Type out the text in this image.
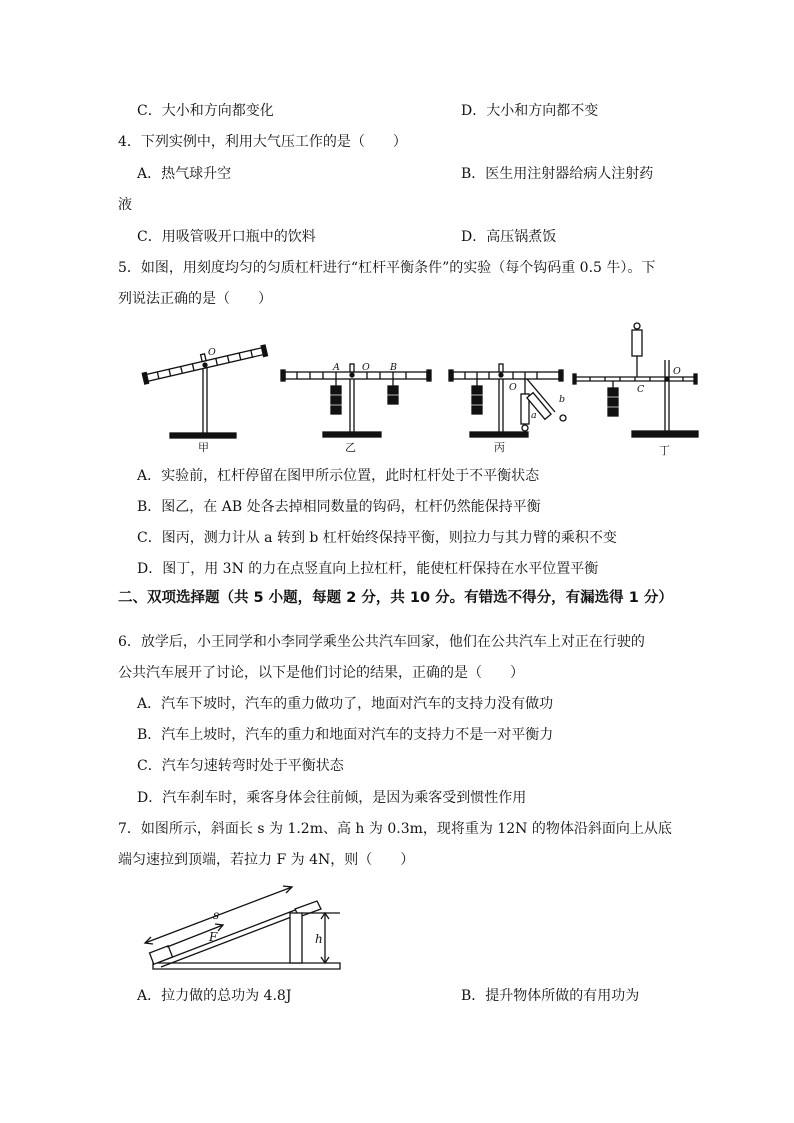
C．大小和方向都变化	D．大小和方向都不变
4．下列实例中，利用大气压工作的是（　　）
A．热气球升空	B．医生用注射器给病人注射药
液
C．用吸管吸开口瓶中的饮料	D．高压锅煮饭
5．如图，用刻度均匀的匀质杠杆进行“杠杆平衡条件”的实验（每个钩码重 0.5 牛）。下
列说法正确的是（　　）
O
A O B
O
a
b
C
O
甲	乙	丙	丁
A．实验前，杠杆停留在图甲所示位置，此时杠杆处于不平衡状态
B．图乙，在 AB 处各去掉相同数量的钩码，杠杆仍然能保持平衡
C．图丙，测力计从 a 转到 b 杠杆始终保持平衡，则拉力与其力臂的乘积不变
D．图丁，用 3N 的力在点竖直向上拉杠杆，能使杠杆保持在水平位置平衡
二、双项选择题（共 5 小题，每题 2 分，共 10 分。有错选不得分，有漏选得 1 分）
6．放学后，小王同学和小李同学乘坐公共汽车回家，他们在公共汽车上对正在行驶的
公共汽车展开了讨论，以下是他们讨论的结果，正确的是（　　）
A．汽车下坡时，汽车的重力做功了，地面对汽车的支持力没有做功
B．汽车上坡时，汽车的重力和地面对汽车的支持力不是一对平衡力
C．汽车匀速转弯时处于平衡状态
D．汽车刹车时，乘客身体会往前倾，是因为乘客受到惯性作用
7．如图所示，斜面长 s 为 1.2m、高 h 为 0.3m，现将重为 12N 的物体沿斜面向上从底
端匀速拉到顶端，若拉力 F 为 4N，则（　　）
s
F	h
A．拉力做的总功为 4.8J	B．提升物体所做的有用功为
